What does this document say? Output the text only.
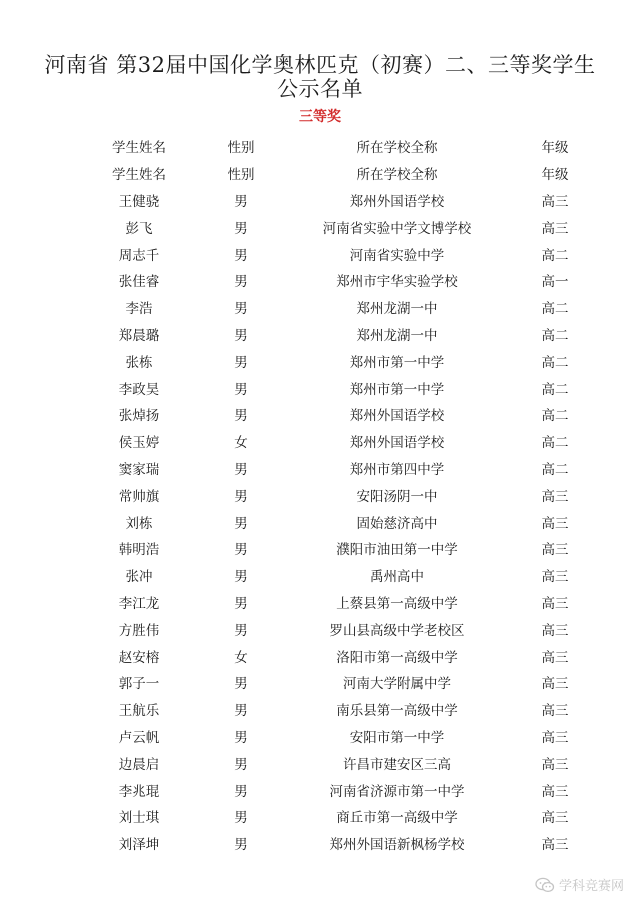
河南省 第32届中国化学奥林匹克（初赛）二、三等奖学生
公示名单
三等奖
学生姓名	性别	所在学校全称	年级
学生姓名	性别	所在学校全称	年级
王健骁	男	郑州外国语学校	高三
彭飞	男	河南省实验中学文博学校	高三
周志千	男	河南省实验中学	高二
张佳睿	男	郑州市宇华实验学校	高一
李浩	男	郑州龙湖一中	高二
郑晨璐	男	郑州龙湖一中	高二
张栋	男	郑州市第一中学	高二
李政昊	男	郑州市第一中学	高二
张焯扬	男	郑州外国语学校	高二
侯玉婷	女	郑州外国语学校	高二
窦家瑞	男	郑州市第四中学	高二
常帅旗	男	安阳汤阴一中	高三
刘栋	男	固始慈济高中	高三
韩明浩	男	濮阳市油田第一中学	高三
张冲	男	禹州高中	高三
李江龙	男	上蔡县第一高级中学	高三
方胜伟	男	罗山县高级中学老校区	高三
赵安榕	女	洛阳市第一高级中学	高三
郭子一	男	河南大学附属中学	高三
王航乐	男	南乐县第一高级中学	高三
卢云帆	男	安阳市第一中学	高三
边晨启	男	许昌市建安区三高	高三
李兆琨	男	河南省济源市第一中学	高三
刘士琪	男	商丘市第一高级中学	高三
刘泽坤	男	郑州外国语新枫杨学校	高三
学科竞赛网
